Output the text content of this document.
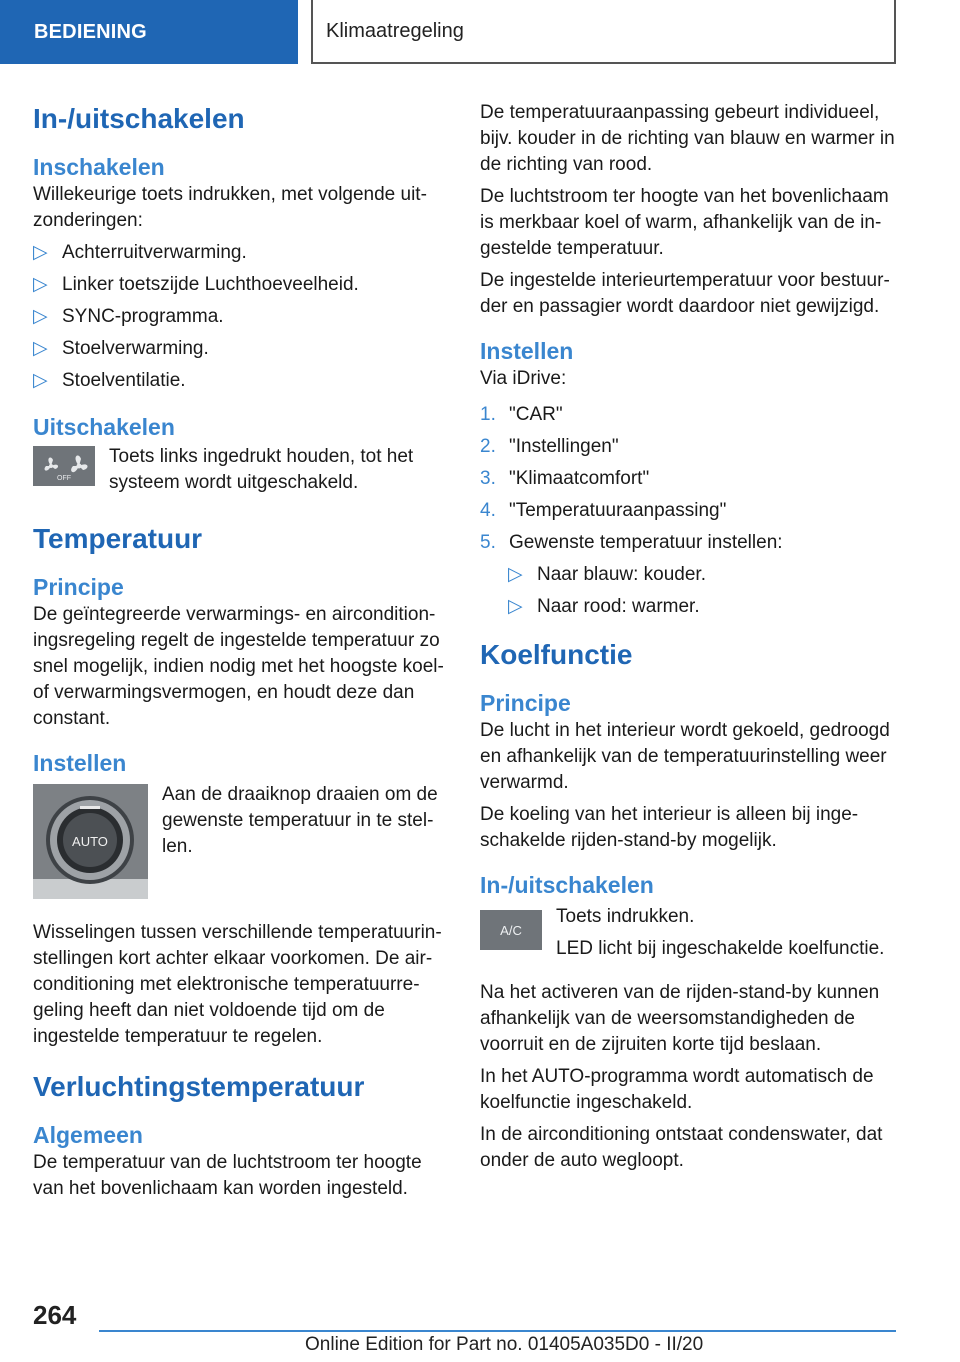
BEDIENING	Klimaatregeling
In-/uitschakelen
Inschakelen

Willekeurige toets indrukken, met volgende uit-zonderingen:

▷ Achterruitverwarming.
▷ Linker toetszijde Luchthoeveelheid.
▷ SYNC-programma.
▷ Stoelverwarming.
▷ Stoelventilatie.
Uitschakelen
OFF

Toets links ingedrukt houden, tot het systeem wordt uitgeschakeld.

Temperatuur
Principe

De geïntegreerde verwarmings- en aircondition-ingsregeling regelt de ingestelde temperatuur zo snel mogelijk, indien nodig met het hoogste koel- of verwarmingsvermogen, en houdt deze dan constant.

Instellen
AUTO

Aan de draaiknop draaien om de gewenste temperatuur in te stel-len.

Wisselingen tussen verschillende temperatuurin-stellingen kort achter elkaar voorkomen. De air-conditioning met elektronische temperatuurre-geling heeft dan niet voldoende tijd om de ingestelde temperatuur te regelen.

Verluchtingstemperatuur
Algemeen

De temperatuur van de luchtstroom ter hoogte van het bovenlichaam kan worden ingesteld.

De temperatuuraanpassing gebeurt individueel, bijv. kouder in de richting van blauw en warmer in de richting van rood.

De luchtstroom ter hoogte van het bovenlichaam is merkbaar koel of warm, afhankelijk van de in-gestelde temperatuur.

De ingestelde interieurtemperatuur voor bestuur-der en passagier wordt daardoor niet gewijzigd.

Instellen

Via iDrive:

1. "CAR"
2. "Instellingen"
3. "Klimaatcomfort"
4. "Temperatuuraanpassing"
5. Gewenste temperatuur instellen:
▷ Naar blauw: kouder.
▷ Naar rood: warmer.
Koelfunctie
Principe

De lucht in het interieur wordt gekoeld, gedroogd en afhankelijk van de temperatuurinstelling weer verwarmd.

De koeling van het interieur is alleen bij inge-schakelde rijden-stand-by mogelijk.

In-/uitschakelen
A/C

Toets indrukken.

LED licht bij ingeschakelde koelfunctie.

Na het activeren van de rijden-stand-by kunnen afhankelijk van de weersomstandigheden de voorruit en de zijruiten korte tijd beslaan.

In het AUTO-programma wordt automatisch de koelfunctie ingeschakeld.

In de airconditioning ontstaat condenswater, dat onder de auto wegloopt.

264
Online Edition for Part no. 01405A035D0 - II/20
